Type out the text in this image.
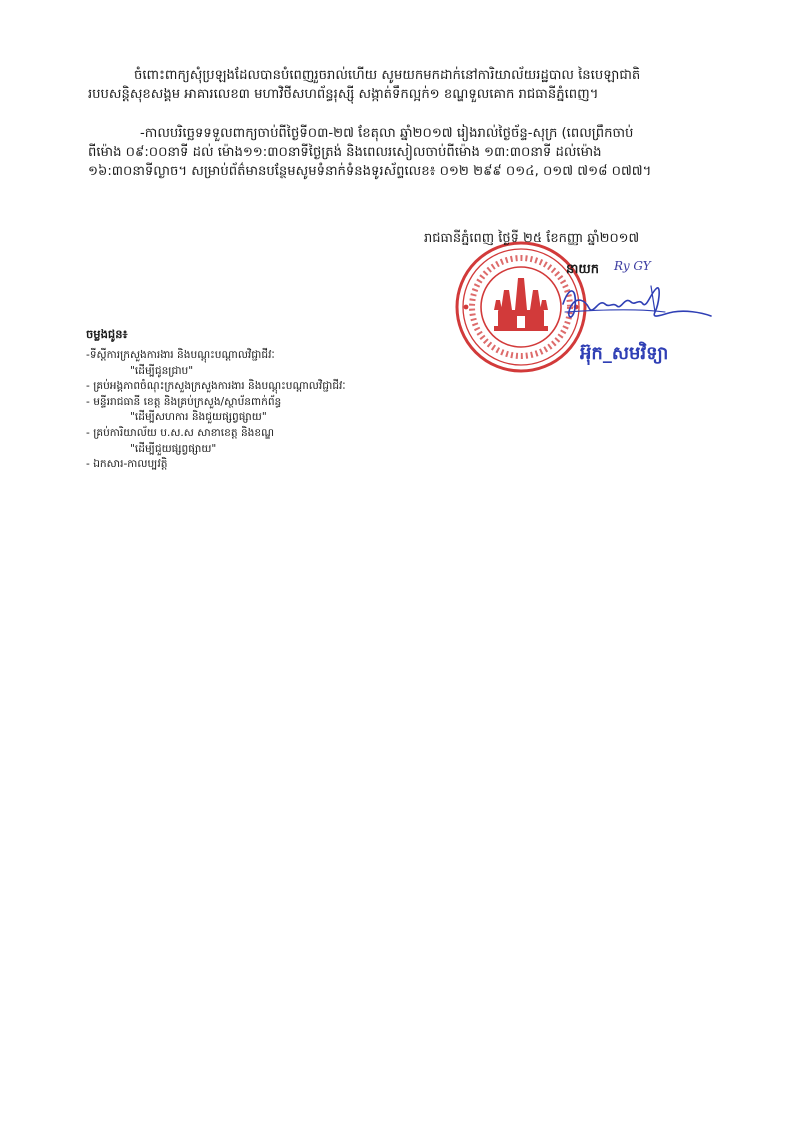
ចំពោះពាក្យសុំប្រឡងដែលបានបំពេញរួចរាល់ហើយ សូមយកមកដាក់នៅការិយាល័យរដ្ឋបាល នៃបេឡាជាតិ
របបសន្តិសុខសង្គម អាគារលេខ៣ មហាវិថីសហព័ន្ធរុស្ស៊ី សង្កាត់ទឹកល្អក់១ ខណ្ឌទួលគោក រាជធានីភ្នំពេញ។
-កាលបរិច្ឆេទទទួលពាក្យចាប់ពីថ្ងៃទី០៣-២៧ ខែតុលា ឆ្នាំ២០១៧ រៀងរាល់ថ្ងៃច័ន្ទ-សុក្រ (ពេលព្រឹកចាប់
ពីម៉ោង ០៩:០០នាទី ដល់ ម៉ោង១១:៣០នាទីថ្ងៃត្រង់ និងពេលរសៀលចាប់ពីម៉ោង ១៣:៣០នាទី ដល់ម៉ោង
១៦:៣០នាទីល្ងាច។ សម្រាប់ព័ត៌មានបន្ថែមសូមទំនាក់ទំនងទូរស័ព្ទលេខ៖ ០១២ ២៩៩ ០១៤, ០១៧ ៧១៨ ០៧៧។
រាជធានីភ្នំពេញ ថ្ងៃទី ២៥ ខែកញ្ញា ឆ្នាំ២០១៧
នាយក Ry GY
អ៊ុក_សមវិទ្យា
ចម្លងជូន៖
-ទីស្តីការក្រសួងការងារ និងបណ្តុះបណ្តាលវិជ្ជាជីវៈ
"ដើម្បីជូនជ្រាប"
- គ្រប់អង្គភាពចំណុះក្រសួងក្រសួងការងារ និងបណ្តុះបណ្តាលវិជ្ជាជីវៈ
- មន្ទីររាជធានី ខេត្ត និងគ្រប់ក្រសួង/ស្ថាប័នពាក់ព័ន្ធ
"ដើម្បីសហការ និងជួយផ្សព្វផ្សាយ"
- គ្រប់ការិយាល័យ ប.ស.ស សាខាខេត្ត និងខណ្ឌ
"ដើម្បីជួយផ្សព្វផ្សាយ"
- ឯកសារ-កាលប្បវត្តិ
